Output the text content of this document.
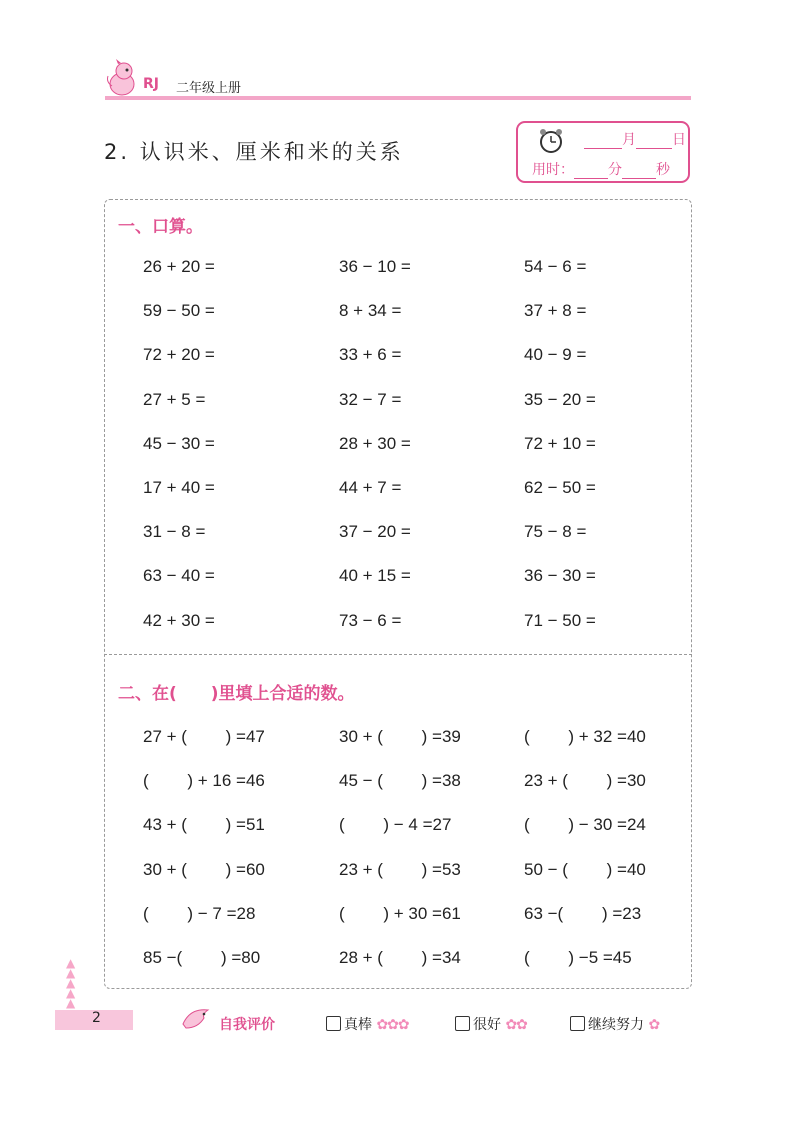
RJ 二年级上册
2. 认识米、厘米和米的关系	月	日
用时： 分 秒
一、口算。
26 + 20 =	36 − 10 =	54 − 6 =
59 − 50 =	8 + 34 =	37 + 8 =
72 + 20 =	33 + 6 =	40 − 9 =
27 + 5 =	32 − 7 =	35 − 20 =
45 − 30 =	28 + 30 =	72 + 10 =
17 + 40 =	44 + 7 =	62 − 50 =
31 − 8 =	37 − 20 =	75 − 8 =
63 − 40 =	40 + 15 =	36 − 30 =
42 + 30 =	73 − 6 =	71 − 50 =
二、在(　　)里填上合适的数。
27 + (　　 ) =47	30 + (　　 ) =39	(　　 ) + 32 =40
(　　 ) + 16 =46	45 − (　　 ) =38	23 + (　　 ) =30
43 + (　　 ) =51	(　　 ) − 4 =27	(　　 ) − 30 =24
30 + (　　 ) =60	23 + (　　 ) =53	50 − (　　 ) =40
(　　 ) − 7 =28	(　　 ) + 30 =61	63 −(　　 ) =23
85 −(　　 ) =80	28 + (　　 ) =34	(　　 ) −5 =45
▲
▲
▲
▲
▲
2	自我评价	真棒 ✿✿✿	很好 ✿✿	继续努力 ✿
